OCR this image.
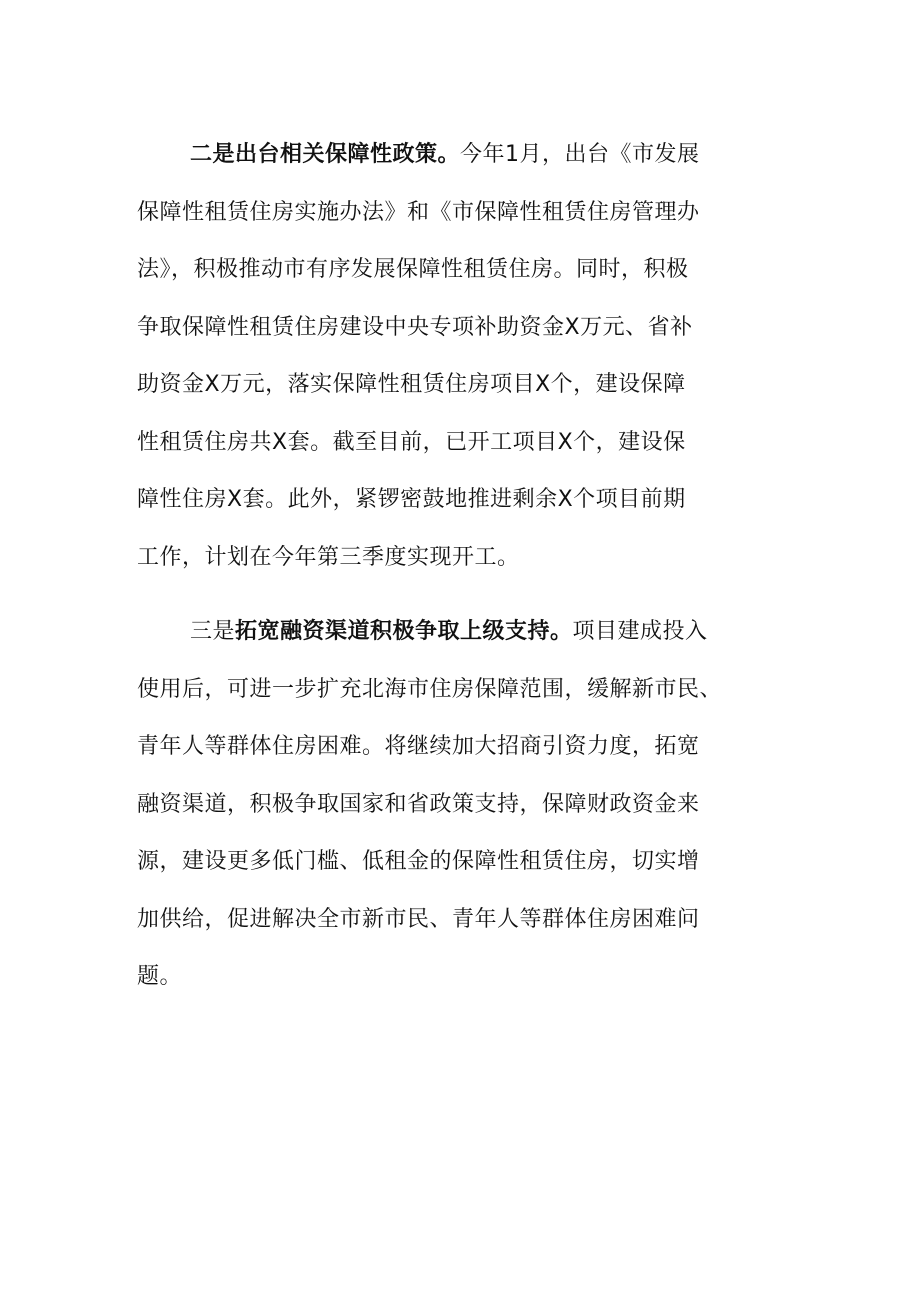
二是出台相关保障性政策。今年1月，出台《市发展
保障性租赁住房实施办法》和《市保障性租赁住房管理办
法》，积极推动市有序发展保障性租赁住房。同时，积极
争取保障性租赁住房建设中央专项补助资金X万元、省补
助资金X万元，落实保障性租赁住房项目X个，建设保障
性租赁住房共X套。截至目前，已开工项目X个，建设保
障性住房X套。此外，紧锣密鼓地推进剩余X个项目前期
工作，计划在今年第三季度实现开工。
三是拓宽融资渠道积极争取上级支持。项目建成投入
使用后，可进一步扩充北海市住房保障范围，缓解新市民、
青年人等群体住房困难。将继续加大招商引资力度，拓宽
融资渠道，积极争取国家和省政策支持，保障财政资金来
源，建设更多低门槛、低租金的保障性租赁住房，切实增
加供给，促进解决全市新市民、青年人等群体住房困难问
题。
